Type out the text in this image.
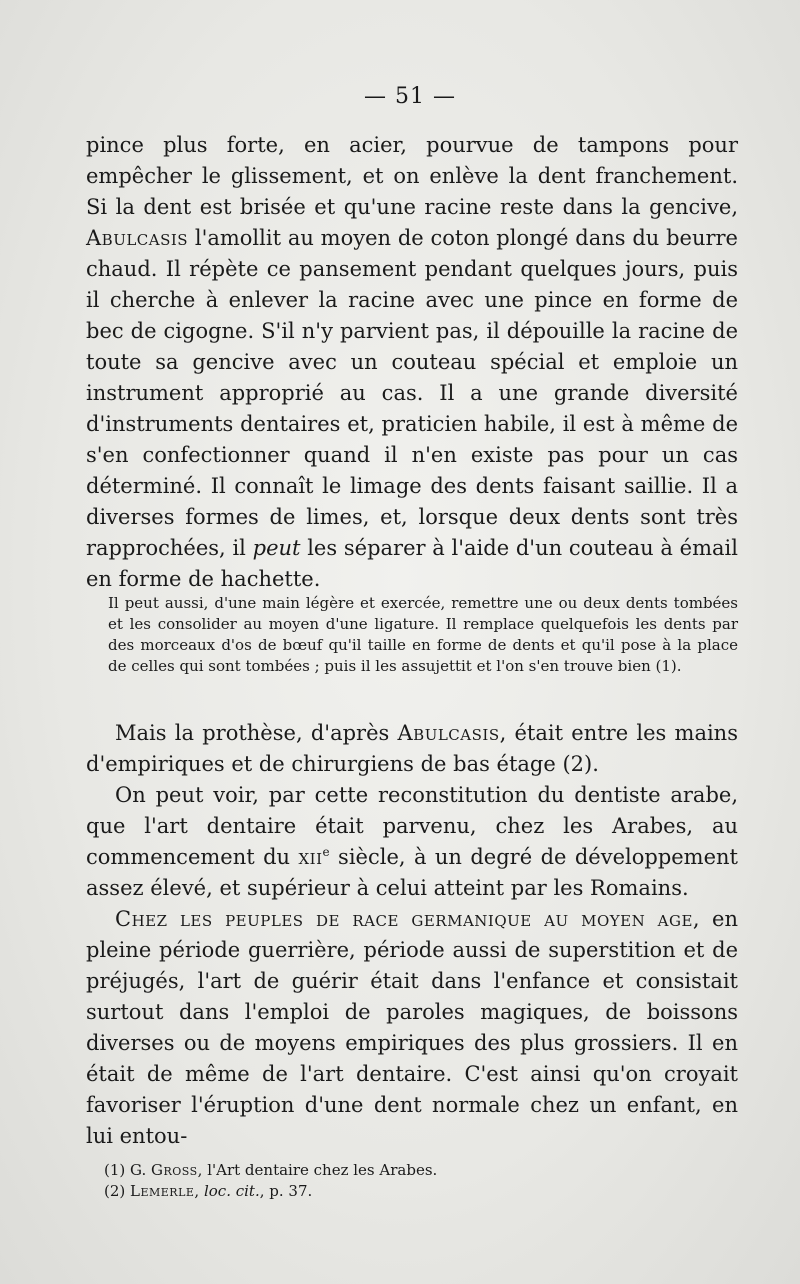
— 51 —

pince plus forte, en acier, pourvue de tampons pour empêcher le glissement, et on enlève la dent franchement. Si la dent est brisée et qu'une racine reste dans la gencive, Abulcasis l'amollit au moyen de coton plongé dans du beurre chaud. Il répète ce pansement pendant quelques jours, puis il cherche à enlever la racine avec une pince en forme de bec de cigogne. S'il n'y parvient pas, il dépouille la racine de toute sa gencive avec un couteau spécial et emploie un instrument approprié au cas. Il a une grande diversité d'instruments dentaires et, praticien habile, il est à même de s'en confectionner quand il n'en existe pas pour un cas déterminé. Il connaît le limage des dents faisant saillie. Il a diverses formes de limes, et, lorsque deux dents sont très rapprochées, il peut les séparer à l'aide d'un couteau à émail en forme de hachette.

Il peut aussi, d'une main légère et exercée, remettre une ou deux dents tombées et les consolider au moyen d'une ligature. Il remplace quelquefois les dents par des morceaux d'os de bœuf qu'il taille en forme de dents et qu'il pose à la place de celles qui sont tombées ; puis il les assujettit et l'on s'en trouve bien (1).

Mais la prothèse, d'après Abulcasis, était entre les mains d'empiriques et de chirurgiens de bas étage (2).

On peut voir, par cette reconstitution du dentiste arabe, que l'art dentaire était parvenu, chez les Arabes, au commencement du xii$^e$ siècle, à un degré de développement assez élevé, et supérieur à celui atteint par les Romains.

Chez les peuples de race germanique au moyen age, en pleine période guerrière, période aussi de superstition et de préjugés, l'art de guérir était dans l'enfance et consistait surtout dans l'emploi de paroles magiques, de boissons diverses ou de moyens empiriques des plus grossiers. Il en était de même de l'art dentaire. C'est ainsi qu'on croyait favoriser l'éruption d'une dent normale chez un enfant, en lui entou-

(1) G. Gross, l'Art dentaire chez les Arabes.
(2) Lemerle, loc. cit., p. 37.
